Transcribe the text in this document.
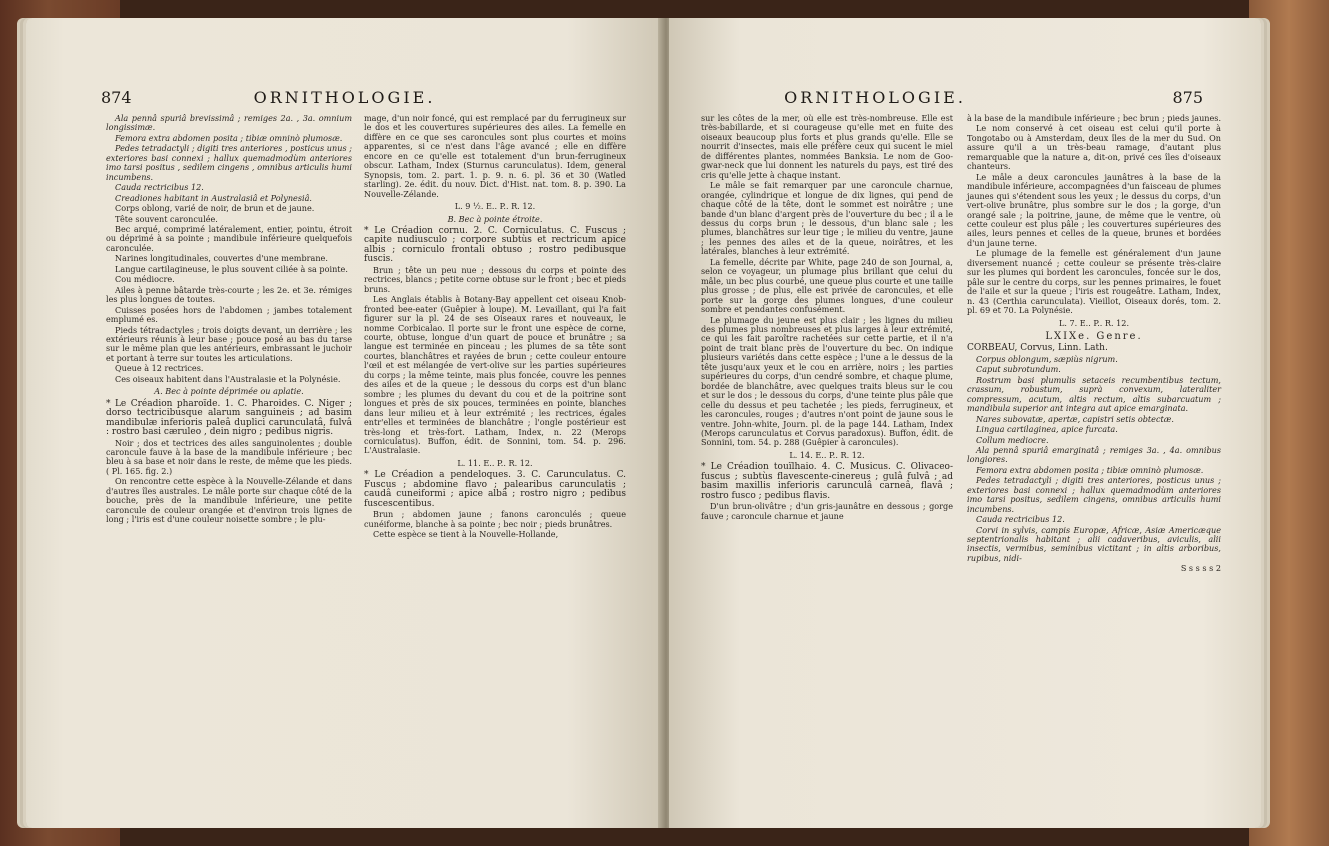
874	ORNITHOLOGIE.

Ala pennâ spuriâ brevissimâ ; remiges 2a. , 3a. omnium longissimæ.

Femora extra abdomen posita ; tibiæ omninò plumosæ.

Pedes tetradactyli ; digiti tres anteriores , posticus unus ; exteriores basi connexi ; hallux quemadmodùm anteriores imo tarsi positus , sedilem cingens , omnibus articulis humi incumbens.

Cauda rectricibus 12.

Creadiones habitant in Australasiâ et Polynesiâ.

Corps oblong, varié de noir, de brun et de jaune.

Tête souvent caronculée.

Bec arqué, comprimé latéralement, entier, pointu, étroit ou déprimé à sa pointe ; mandibule inférieure quelquefois caronculée.

Narines longitudinales, couvertes d'une membrane.

Langue cartilagineuse, le plus souvent ciliée à sa pointe.

Cou médiocre.

Ailes à penne bâtarde très-courte ; les 2e. et 3e. rémiges les plus longues de toutes.

Cuisses posées hors de l'abdomen ; jambes totalement emplumé es.

Pieds tétradactyles ; trois doigts devant, un derrière ; les extérieurs réunis à leur base ; pouce posé au bas du tarse sur le même plan que les antérieurs, embrassant le juchoir et portant à terre sur toutes les articulations.

Queue à 12 rectrices.

Ces oiseaux habitent dans l'Australasie et la Polynésie.

A. Bec à pointe déprimée ou aplatie.

* Le Créadion pharoïde. 1. C. Pharoides. C. Niger ; dorso tectricibusque alarum sanguineis ; ad basim mandibulæ inferioris paleâ duplici carunculatâ, fulvâ : rostro basi cæruleo , dein nigro ; pedibus nigris.

Noir ; dos et tectrices des ailes sanguinolentes ; double caroncule fauve à la base de la mandibule inférieure ; bec bleu à sa base et noir dans le reste, de même que les pieds. ( Pl. 165. fig. 2.)

On rencontre cette espèce à la Nouvelle-Zélande et dans d'autres îles australes. Le mâle porte sur chaque côté de la bouche, près de la mandibule inférieure, une petite caroncule de couleur orangée et d'environ trois lignes de long ; l'iris est d'une couleur noisette sombre ; le plu-

mage, d'un noir foncé, qui est remplacé par du ferrugineux sur le dos et les couvertures supérieures des ailes. La femelle en diffère en ce que ses caroncules sont plus courtes et moins apparentes, si ce n'est dans l'âge avancé ; elle en diffère encore en ce qu'elle est totalement d'un brun-ferrugineux obscur. Latham, Index (Sturnus carunculatus). Idem, general Synopsis, tom. 2. part. 1. p. 9. n. 6. pl. 36 et 30 (Watled starling). 2e. édit. du nouv. Dict. d'Hist. nat. tom. 8. p. 390. La Nouvelle-Zélande.

L. 9 ½. E.. P.. R. 12.

B. Bec à pointe étroite.

* Le Créadion cornu. 2. C. Corniculatus. C. Fuscus ; capite nudiusculo ; corpore subtùs et rectricum apice albis ; corniculo frontali obtuso ; rostro pedibusque fuscis.

Brun ; tête un peu nue ; dessous du corps et pointe des rectrices, blancs ; petite corne obtuse sur le front ; bec et pieds bruns.

Les Anglais établis à Botany-Bay appellent cet oiseau Knob-fronted bee-eater (Guêpier à loupe). M. Levaillant, qui l'a fait figurer sur la pl. 24 de ses Oiseaux rares et nouveaux, le nomme Corbicalao. Il porte sur le front une espèce de corne, courte, obtuse, longue d'un quart de pouce et brunâtre ; sa langue est terminée en pinceau ; les plumes de sa tête sont courtes, blanchâtres et rayées de brun ; cette couleur entoure l'œil et est mélangée de vert-olive sur les parties supérieures du corps ; la même teinte, mais plus foncée, couvre les pennes des ailes et de la queue ; le dessous du corps est d'un blanc sombre ; les plumes du devant du cou et de la poitrine sont longues et près de six pouces, terminées en pointe, blanches dans leur milieu et à leur extrémité ; les rectrices, égales entr'elles et terminées de blanchâtre ; l'ongle postérieur est très-long et très-fort. Latham, Index, n. 22 (Merops corniculatus). Buffon, édit. de Sonnini, tom. 54. p. 296. L'Australasie.

L. 11. E.. P.. R. 12.

* Le Créadion a pendeloques. 3. C. Carunculatus. C. Fuscus ; abdomine flavo ; palearibus carunculatis ; caudâ cuneiformi ; apice albâ ; rostro nigro ; pedibus fuscescentibus.

Brun ; abdomen jaune ; fanons caronculés ; queue cunéiforme, blanche à sa pointe ; bec noir ; pieds brunâtres.

Cette espèce se tient à la Nouvelle-Hollande,

ORNITHOLOGIE.	875

sur les côtes de la mer, où elle est très-nombreuse. Elle est très-babillarde, et si courageuse qu'elle met en fuite des oiseaux beaucoup plus forts et plus grands qu'elle. Elle se nourrit d'insectes, mais elle préfère ceux qui sucent le miel de différentes plantes, nommées Banksia. Le nom de Goo-gwar-neck que lui donnent les naturels du pays, est tiré des cris qu'elle jette à chaque instant.

Le mâle se fait remarquer par une caroncule charnue, orangée, cylindrique et longue de dix lignes, qui pend de chaque côté de la tête, dont le sommet est noirâtre ; une bande d'un blanc d'argent près de l'ouverture du bec ; il a le dessus du corps brun ; le dessous, d'un blanc sale ; les plumes, blanchâtres sur leur tige ; le milieu du ventre, jaune ; les pennes des ailes et de la queue, noirâtres, et les latérales, blanches à leur extrémité.

La femelle, décrite par White, page 240 de son Journal, a, selon ce voyageur, un plumage plus brillant que celui du mâle, un bec plus courbé, une queue plus courte et une taille plus grosse ; de plus, elle est privée de caroncules, et elle porte sur la gorge des plumes longues, d'une couleur sombre et pendantes confusément.

Le plumage du jeune est plus clair ; les lignes du milieu des plumes plus nombreuses et plus larges à leur extrémité, ce qui les fait paroître rachetées sur cette partie, et il n'a point de trait blanc près de l'ouverture du bec. On indique plusieurs variétés dans cette espèce ; l'une a le dessus de la tête jusqu'aux yeux et le cou en arrière, noirs ; les parties supérieures du corps, d'un cendré sombre, et chaque plume, bordée de blanchâtre, avec quelques traits bleus sur le cou et sur le dos ; le dessous du corps, d'une teinte plus pâle que celle du dessus et peu tachetée ; les pieds, ferrugineux, et les caroncules, rouges ; d'autres n'ont point de jaune sous le ventre. John-white, Journ. pl. de la page 144. Latham, Index (Merops carunculatus et Corvus paradoxus). Buffon, édit. de Sonnini, tom. 54. p. 288 (Guêpier à caroncules).

L. 14. E.. P.. R. 12.

* Le Créadion touïlhaio. 4. C. Musicus. C. Olivaceo-fuscus ; subtùs flavescente-cinereus ; gulâ fulvâ ; ad basim maxillis inferioris carunculâ carneâ, flavâ ; rostro fusco ; pedibus flavis.

D'un brun-olivâtre ; d'un gris-jaunâtre en dessous ; gorge fauve ; caroncule charnue et jaune

à la base de la mandibule inférieure ; bec brun ; pieds jaunes.

Le nom conservé à cet oiseau est celui qu'il porte à Tongotabo ou à Amsterdam, deux îles de la mer du Sud. On assure qu'il a un très-beau ramage, d'autant plus remarquable que la nature a, dit-on, privé ces îles d'oiseaux chanteurs.

Le mâle a deux caroncules jaunâtres à la base de la mandibule inférieure, accompagnées d'un faisceau de plumes jaunes qui s'étendent sous les yeux ; le dessus du corps, d'un vert-olive brunâtre, plus sombre sur le dos ; la gorge, d'un orangé sale ; la poitrine, jaune, de même que le ventre, où cette couleur est plus pâle ; les couvertures supérieures des ailes, leurs pennes et celles de la queue, brunes et bordées d'un jaune terne.

Le plumage de la femelle est généralement d'un jaune diversement nuancé ; cette couleur se présente très-claire sur les plumes qui bordent les caroncules, foncée sur le dos, pâle sur le centre du corps, sur les pennes primaires, le fouet de l'aile et sur la queue ; l'iris est rougeâtre. Latham, Index, n. 43 (Certhia carunculata). Vieillot, Oiseaux dorés, tom. 2. pl. 69 et 70. La Polynésie.

L. 7. E.. P.. R. 12.

LXIXe. Genre.

CORBEAU, Corvus, Linn. Lath.

Corpus oblongum, sæpiùs nigrum.

Caput subrotundum.

Rostrum basi plumulis setaceis recumbentibus tectum, crassum, robustum, suprà convexum, lateraliter compressum, acutum, altis rectum, altis subarcuatum ; mandibula superior ant integra aut apice emarginata.

Nares subovatæ, apertæ, capistri setis obtectæ.

Lingua cartilaginea, apice furcata.

Collum mediocre.

Ala pennâ spuriâ emarginatâ ; remiges 3a. , 4a. omnibus longiores.

Femora extra abdomen posita ; tibiæ omninò plumosæ.

Pedes tetradactyli ; digiti tres anteriores, posticus unus ; exteriores basi connexi ; hallux quemadmodùm anteriores imo tarsi positus, sedilem cingens, omnibus articulis humi incumbens.

Cauda rectricibus 12.

Corvi in sylvis, campis Europæ, Africæ, Asiæ Americæque septentrionalis habitant ; alii cadaveribus, aviculis, alii insectis, vermibus, seminibus victitant ; in altis arboribus, rupibus, nidi-

S s s s s 2
